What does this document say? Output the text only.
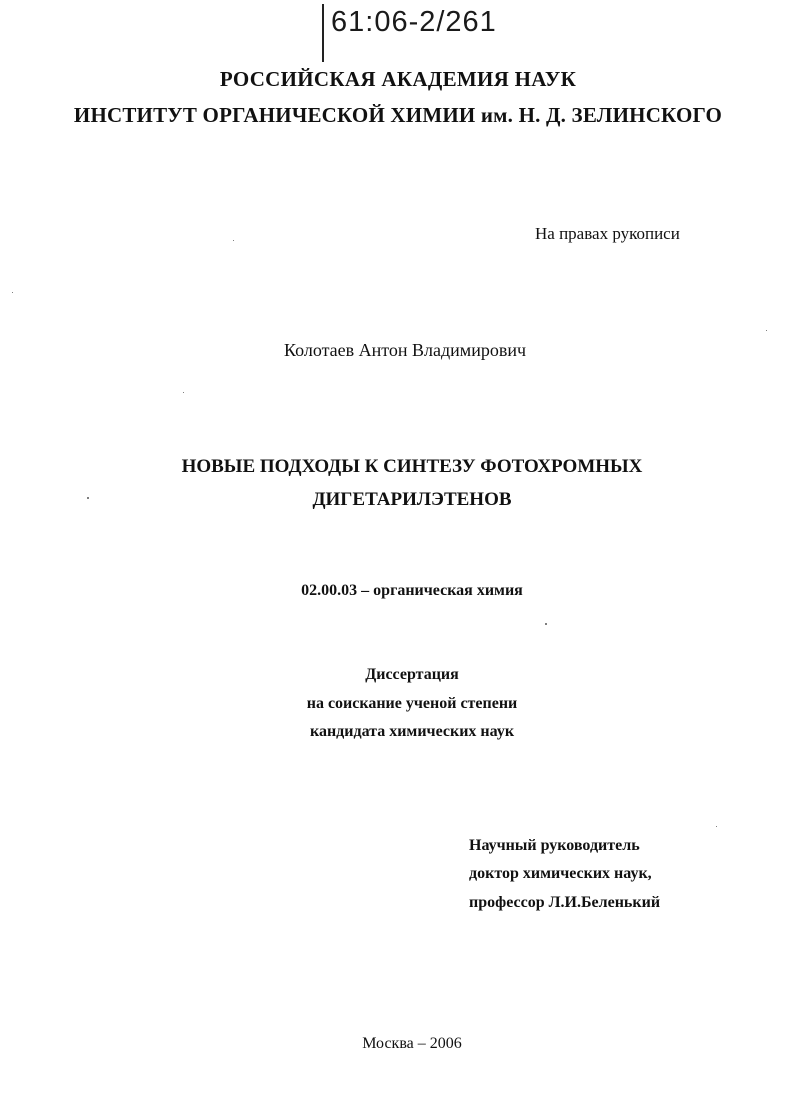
61:06-2/261
РОССИЙСКАЯ АКАДЕМИЯ НАУК
ИНСТИТУТ ОРГАНИЧЕСКОЙ ХИМИИ им. Н. Д. ЗЕЛИНСКОГО
На правах рукописи
Колотаев Антон Владимирович
НОВЫЕ ПОДХОДЫ К СИНТЕЗУ ФОТОХРОМНЫХ
ДИГЕТАРИЛЭТЕНОВ
02.00.03 – органическая химия
Диссертация
на соискание ученой степени
кандидата химических наук
Научный руководитель
доктор химических наук,
профессор Л.И.Беленький
Москва – 2006
